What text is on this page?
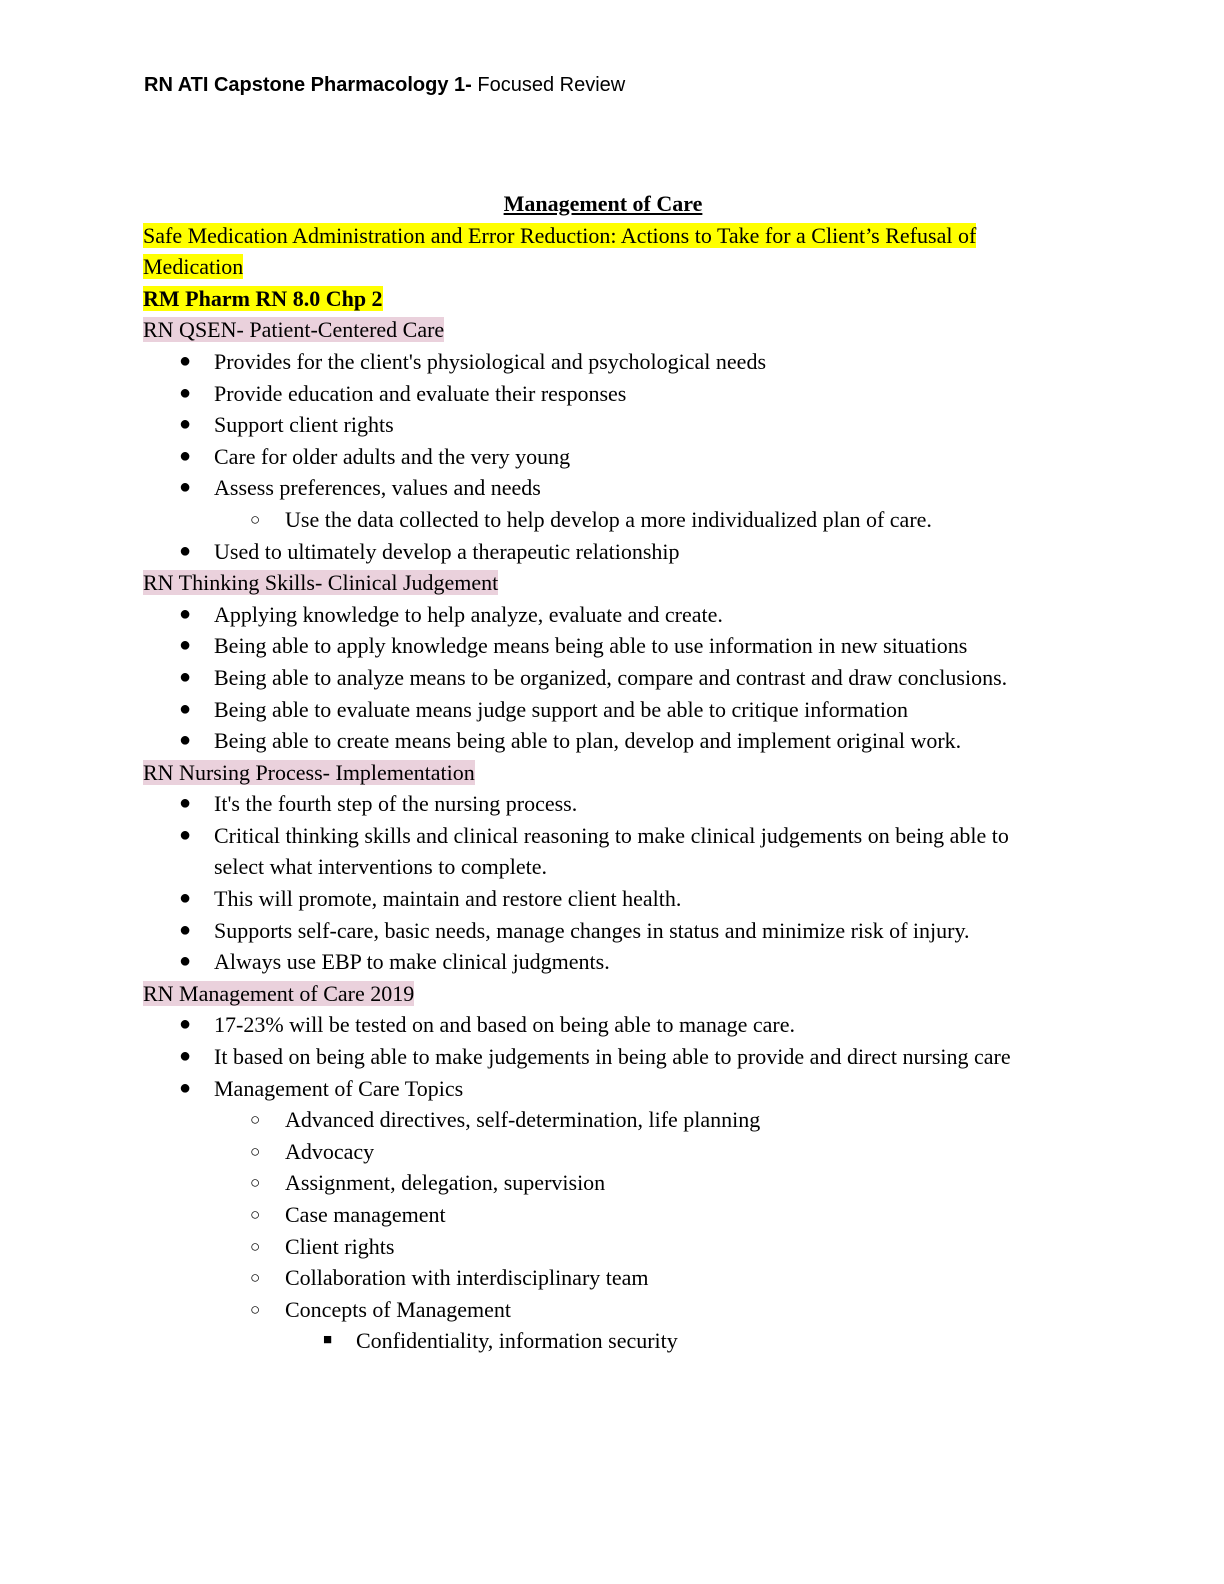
RN ATI Capstone Pharmacology 1- Focused Review
Management of Care
Safe Medication Administration and Error Reduction: Actions to Take for a Client’s Refusal of
Medication
RM Pharm RN 8.0 Chp 2
RN QSEN- Patient-Centered Care
● Provides for the client's physiological and psychological needs
● Provide education and evaluate their responses
● Support client rights
● Care for older adults and the very young
● Assess preferences, values and needs
○ Use the data collected to help develop a more individualized plan of care.
● Used to ultimately develop a therapeutic relationship
RN Thinking Skills- Clinical Judgement
● Applying knowledge to help analyze, evaluate and create.
● Being able to apply knowledge means being able to use information in new situations
● Being able to analyze means to be organized, compare and contrast and draw conclusions.
● Being able to evaluate means judge support and be able to critique information
● Being able to create means being able to plan, develop and implement original work.
RN Nursing Process- Implementation
● It's the fourth step of the nursing process.
● Critical thinking skills and clinical reasoning to make clinical judgements on being able to select what interventions to complete.
● This will promote, maintain and restore client health.
● Supports self-care, basic needs, manage changes in status and minimize risk of injury.
● Always use EBP to make clinical judgments.
RN Management of Care 2019
● 17-23% will be tested on and based on being able to manage care.
● It based on being able to make judgements in being able to provide and direct nursing care
● Management of Care Topics
○ Advanced directives, self-determination, life planning
○ Advocacy
○ Assignment, delegation, supervision
○ Case management
○ Client rights
○ Collaboration with interdisciplinary team
○ Concepts of Management
■ Confidentiality, information security
